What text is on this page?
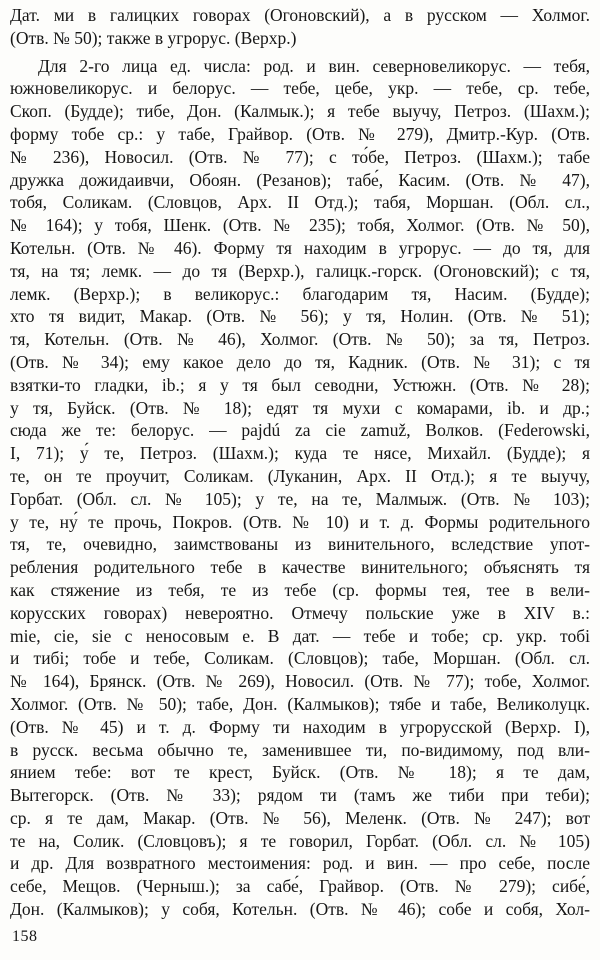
Дат. ми в галицких говорах (Огоновский), а в русском — Холмог.
(Отв. № 50); также в угрорус. (Верхр.)
Для 2-го лица ед. числа: род. и вин. северновеликорус. — тебя,
южновеликорус. и белорус. — тебе, цебе, укр. — тебе, ср. тебе,
Скоп. (Будде); тибе, Дон. (Калмык.); я тебе выучу, Петроз. (Шахм.);
форму тобе ср.: у табе, Грайвор. (Отв. № 279), Дмитр.-Кур. (Отв.
№ 236), Новосил. (Отв. № 77); с то́бе, Петроз. (Шахм.); табе
дружка дожидаивчи, Обоян. (Резанов); табе́, Касим. (Отв. № 47),
тобя, Соликам. (Словцов, Арх. II Отд.); табя, Моршан. (Обл. сл.,
№ 164); у тобя, Шенк. (Отв. № 235); тобя, Холмог. (Отв. № 50),
Котельн. (Отв. № 46). Форму тя находим в угрорус. — до тя, для
тя, на тя; лемк. — до тя (Верхр.), галицк.-горск. (Огоновский); с тя,
лемк. (Верхр.); в великорус.: благодарим тя, Насим. (Будде);
хто тя видит, Макар. (Отв. № 56); у тя, Нолин. (Отв. № 51);
тя, Котельн. (Отв. № 46), Холмог. (Отв. № 50); за тя, Петроз.
(Отв. № 34); ему какое дело до тя, Кадник. (Отв. № 31); с тя
взятки-то гладки, ib.; я у тя был севодни, Устюжн. (Отв. № 28);
у тя, Буйск. (Отв. № 18); едят тя мухи с комарами, ib. и др.;
сюда же те: белорус. — pajdú za cie zamuž, Волков. (Federowski,
I, 71); у́ те, Петроз. (Шахм.); куда те нясе, Михайл. (Будде); я
те, он те проучит, Соликам. (Луканин, Арх. II Отд.); я те выучу,
Горбат. (Обл. сл. № 105); у те, на те, Малмыж. (Отв. № 103);
у те, ну́ те прочь, Покров. (Отв. № 10) и т. д. Формы родительного
тя, те, очевидно, заимствованы из винительного, вследствие упот-
ребления родительного тебе в качестве винительного; объяснять тя
как стяжение из тебя, те из тебе (ср. формы тея, тее в вели-
корусских говорах) невероятно. Отмечу польские уже в XIV в.:
mie, cie, sie с неносовым е. В дат. — тебе и тобе; ср. укр. тобі
и тибі; тобе и тебе, Соликам. (Словцов); табе, Моршан. (Обл. сл.
№ 164), Брянск. (Отв. № 269), Новосил. (Отв. № 77); тобе, Холмог.
Холмог. (Отв. № 50); табе, Дон. (Калмыков); тябе и табе, Великолуцк.
(Отв. № 45) и т. д. Форму ти находим в угрорусской (Верхр. I),
в русск. весьма обычно те, заменившее ти, по-видимому, под вли-
янием тебе: вот те крест, Буйск. (Отв. № 18); я те дам,
Вытегорск. (Отв. № 33); рядом ти (тамъ же тиби при теби);
ср. я те дам, Макар. (Отв. № 56), Меленк. (Отв. № 247); вот
те на, Солик. (Словцовъ); я те говорил, Горбат. (Обл. сл. № 105)
и др. Для возвратного местоимения: род. и вин. — про себе, после
себе, Мещов. (Черныш.); за сабе́, Грайвор. (Отв. № 279); сибе́,
Дон. (Калмыков); у собя, Котельн. (Отв. № 46); собе и собя, Хол-
158
